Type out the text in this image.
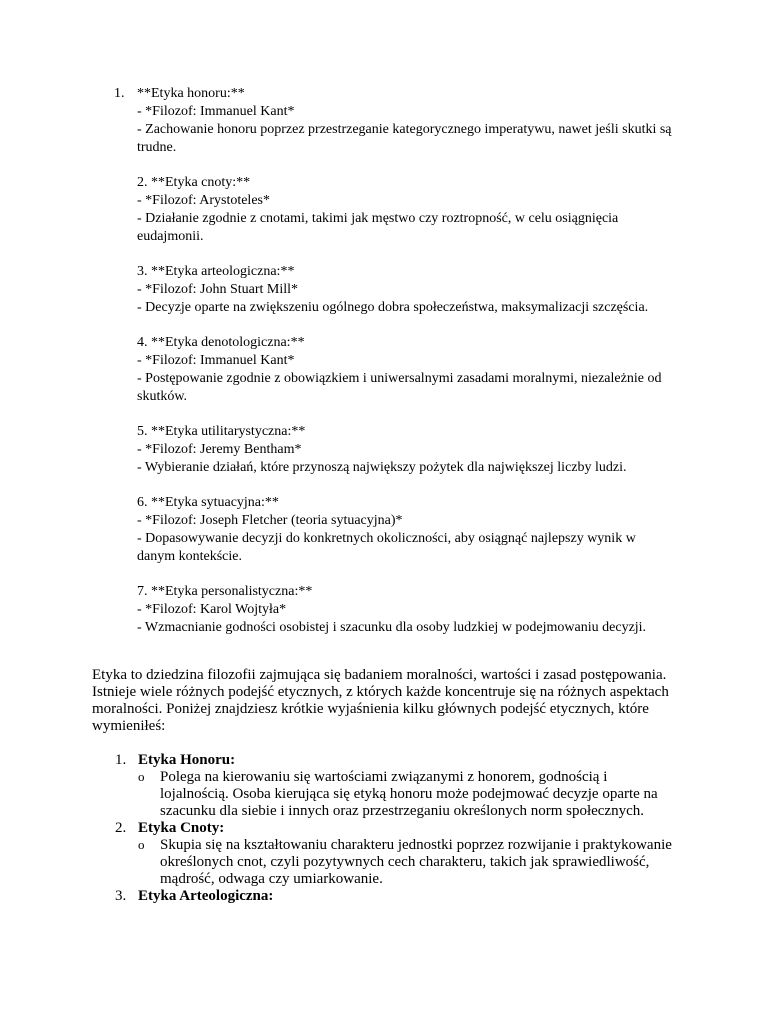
1. **Etyka honoru:**
- *Filozof: Immanuel Kant*
- Zachowanie honoru poprzez przestrzeganie kategorycznego imperatywu, nawet jeśli skutki są trudne.
2. **Etyka cnoty:**
- *Filozof: Arystoteles*
- Działanie zgodnie z cnotami, takimi jak męstwo czy roztropność, w celu osiągnięcia eudajmonii.
3. **Etyka arteologiczna:**
- *Filozof: John Stuart Mill*
- Decyzje oparte na zwiększeniu ogólnego dobra społeczeństwa, maksymalizacji szczęścia.
4. **Etyka denotologiczna:**
- *Filozof: Immanuel Kant*
- Postępowanie zgodnie z obowiązkiem i uniwersalnymi zasadami moralnymi, niezależnie od skutków.
5. **Etyka utilitarystyczna:**
- *Filozof: Jeremy Bentham*
- Wybieranie działań, które przynoszą największy pożytek dla największej liczby ludzi.
6. **Etyka sytuacyjna:**
- *Filozof: Joseph Fletcher (teoria sytuacyjna)*
- Dopasowywanie decyzji do konkretnych okoliczności, aby osiągnąć najlepszy wynik w danym kontekście.
7. **Etyka personalistyczna:**
- *Filozof: Karol Wojtyła*
- Wzmacnianie godności osobistej i szacunku dla osoby ludzkiej w podejmowaniu decyzji.

Etyka to dziedzina filozofii zajmująca się badaniem moralności, wartości i zasad postępowania. Istnieje wiele różnych podejść etycznych, z których każde koncentruje się na różnych aspektach moralności. Poniżej znajdziesz krótkie wyjaśnienia kilku głównych podejść etycznych, które wymieniłeś:

1. Etyka Honoru:
o Polega na kierowaniu się wartościami związanymi z honorem, godnością i lojalnością. Osoba kierująca się etyką honoru może podejmować decyzje oparte na szacunku dla siebie i innych oraz przestrzeganiu określonych norm społecznych.
2. Etyka Cnoty:
o Skupia się na kształtowaniu charakteru jednostki poprzez rozwijanie i praktykowanie określonych cnot, czyli pozytywnych cech charakteru, takich jak sprawiedliwość, mądrość, odwaga czy umiarkowanie.
3. Etyka Arteologiczna:
